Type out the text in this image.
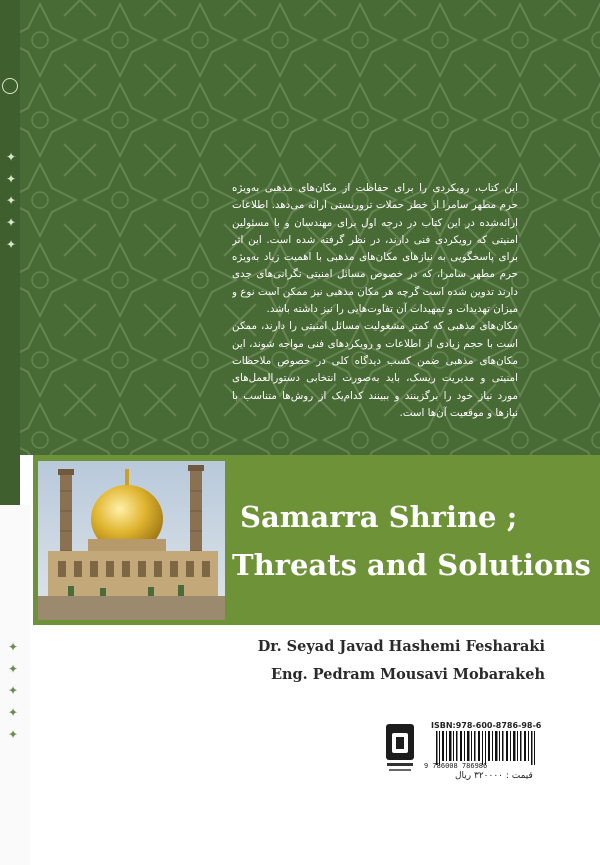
✦ ✦ ✦ ✦ ✦
✦ ✦ ✦ ✦ ✦

این کتاب، رویکردی را برای حفاظت از مکان‌های مذهبی به‌ویژه حرم مطهر سامرا از خطر حملات تروریستی ارائه می‌دهد. اطلاعات ارائه‌شده در این کتاب در درجه اول برای مهندسان و با مسئولین امنیتی که رویکردی فنی دارند، در نظر گرفته شده است. این اثر برای پاسخگویی به نیازهای مکان‌های مذهبی با اهمیت زیاد به‌ویژه حرم مطهر سامرا، که در خصوص مسائل امنیتی نگرانی‌های جدی دارند تدوین شده است گرچه هر مکان مذهبی نیز ممکن است نوع و میزان تهدیدات و تمهیدات آن تفاوت‌هایی را نیز داشته باشد.

مکان‌های مذهبی که کمتر مشغولیت مسائل امنیتی را دارند، ممکن است با حجم زیادی از اطلاعات و رویکردهای فنی مواجه شوند، این مکان‌های مذهبی ضمن کسب دیدگاه کلی در خصوص ملاحظات امنیتی و مدیریت ریسک، باید به‌صورت انتخابی دستورالعمل‌های مورد نیاز خود را برگزینند و ببینند کدام‌یک از روش‌ها متناسب با نیازها و موقعیت آن‌ها است.

Samarra Shrine ;
Threats and Solutions
Dr. Seyad Javad Hashemi Fesharaki
Eng. Pedram Mousavi Mobarakeh
ISBN:978-600-8786-98-6
9 786008 786986
قیمت : ۳۲۰۰۰۰ ریال
